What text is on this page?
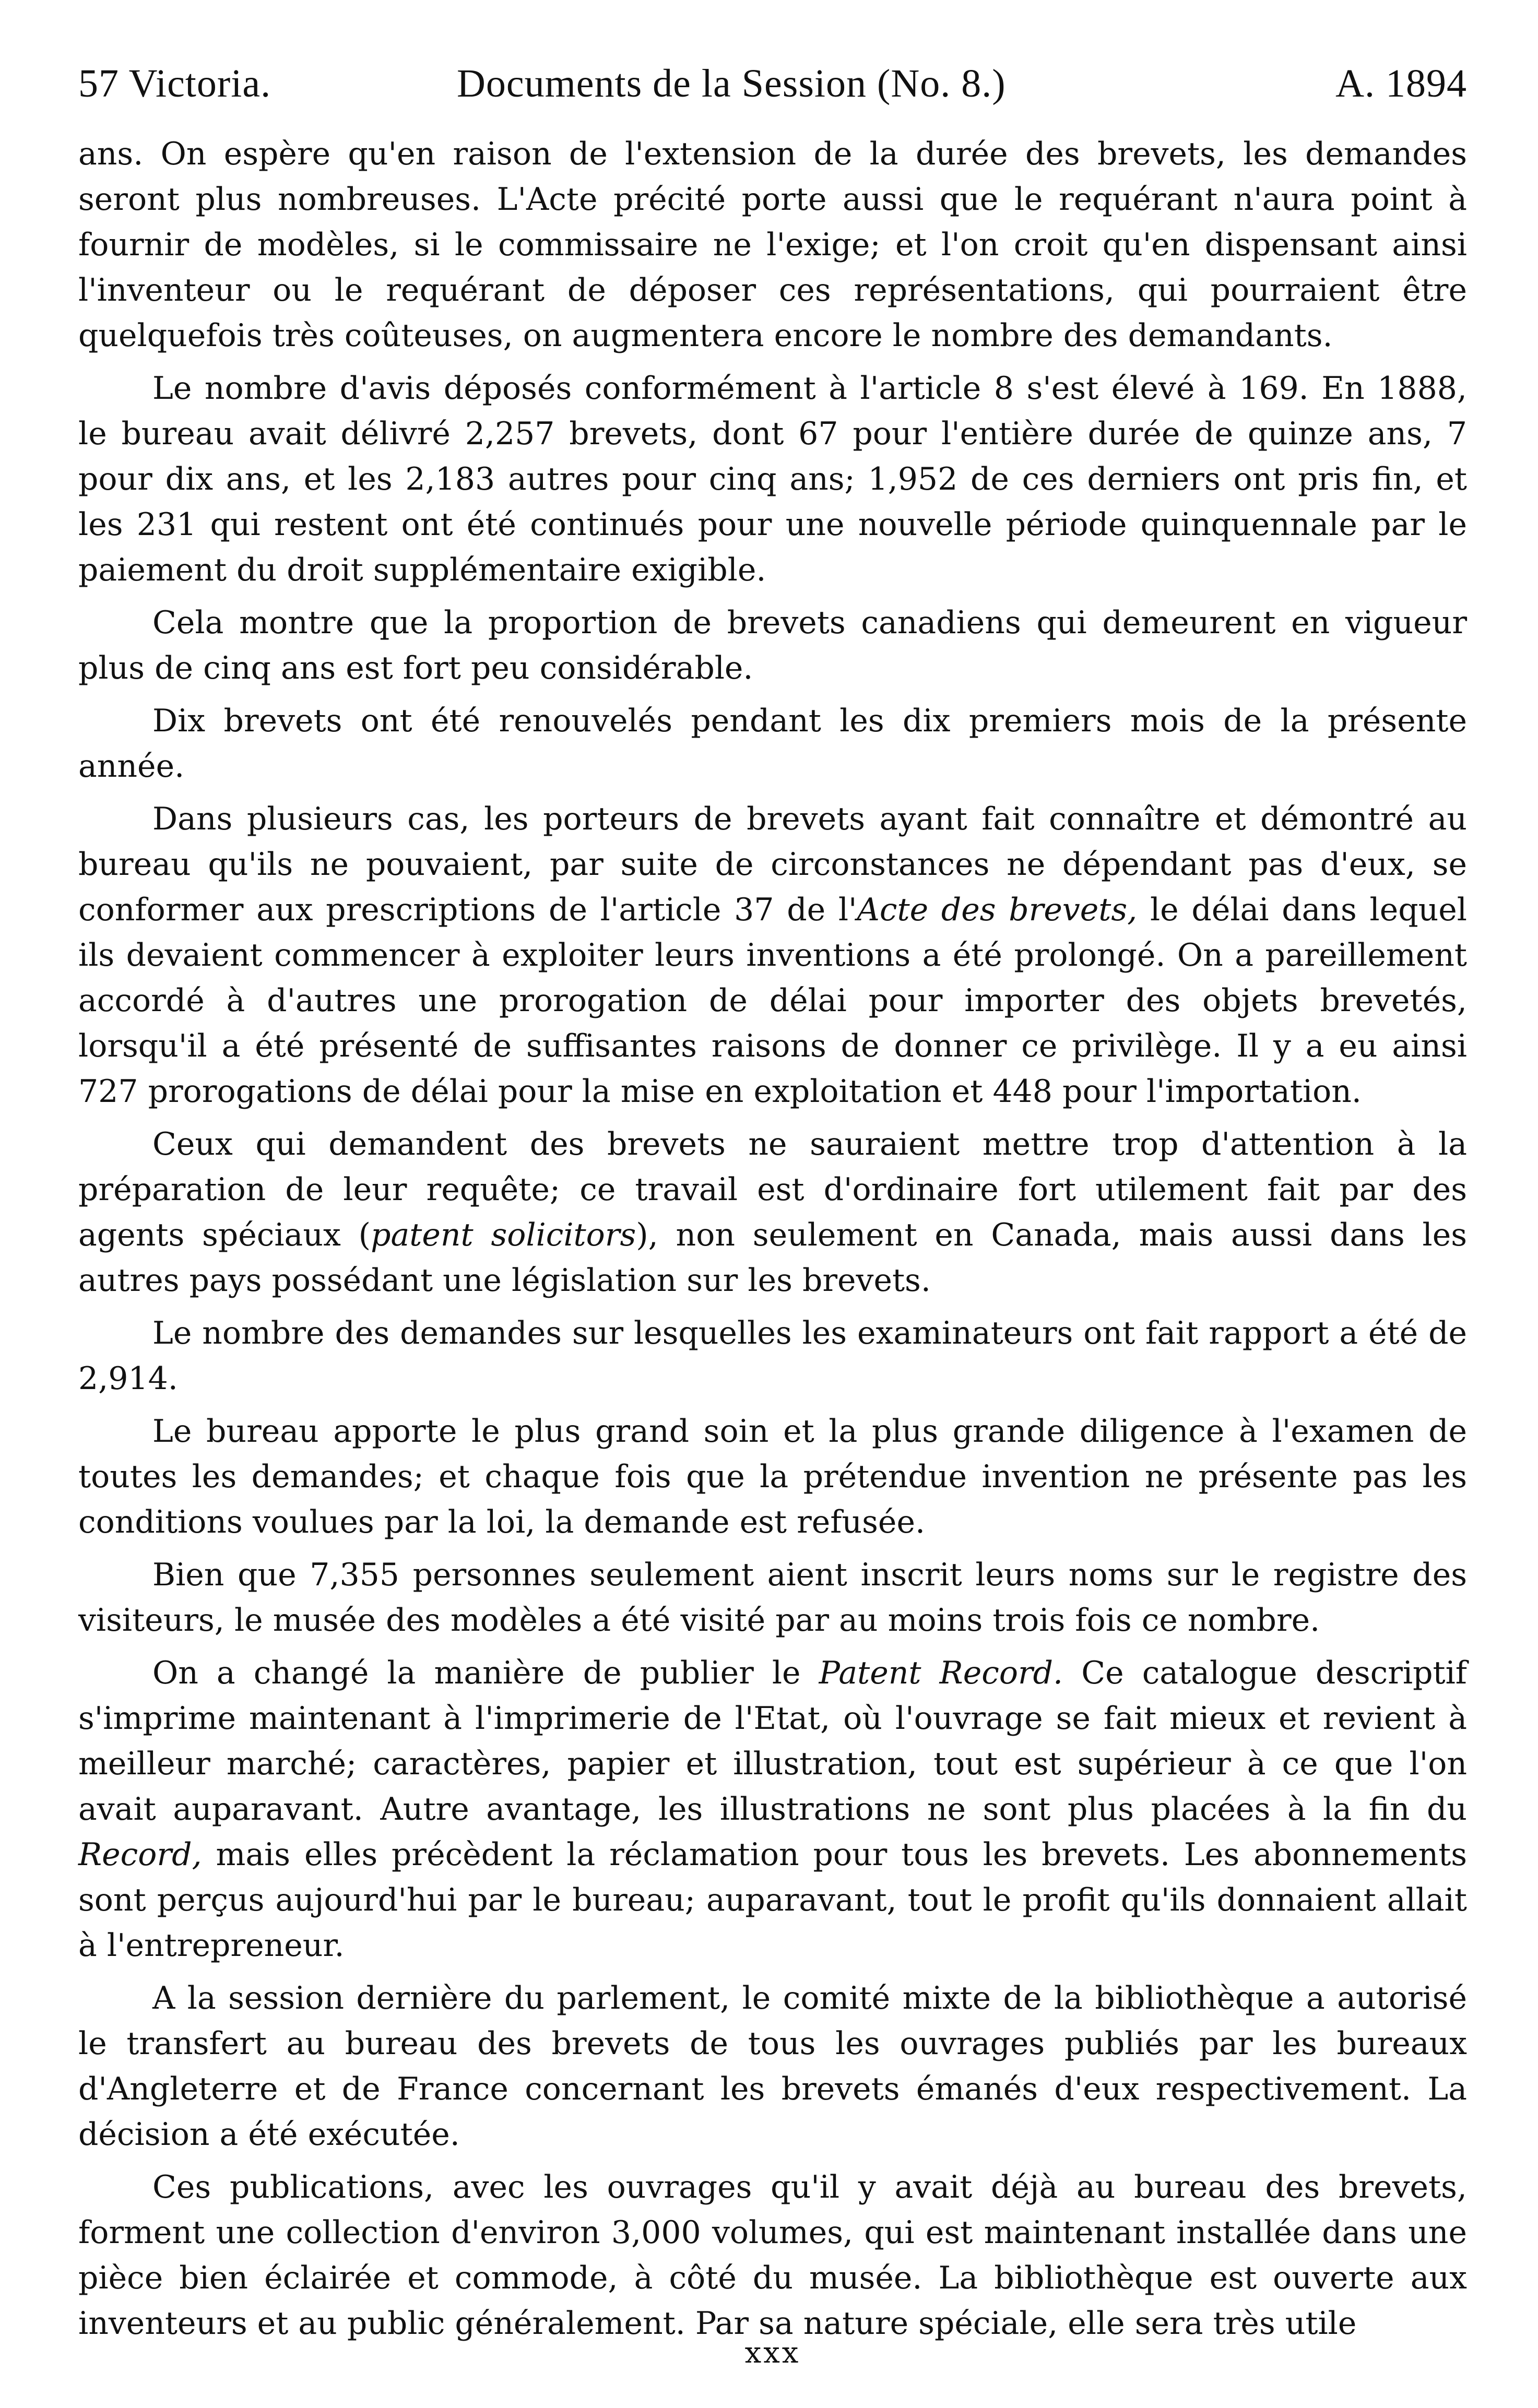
57 Victoria.	Documents de la Session (No. 8.)	A. 1894

ans. On espère qu'en raison de l'extension de la durée des brevets, les demandes seront plus nombreuses. L'Acte précité porte aussi que le requérant n'aura point à fournir de modèles, si le commissaire ne l'exige; et l'on croit qu'en dispensant ainsi l'inventeur ou le requérant de déposer ces représentations, qui pourraient être quelquefois très coûteuses, on augmentera encore le nombre des demandants.

Le nombre d'avis déposés conformément à l'article 8 s'est élevé à 169. En 1888, le bureau avait délivré 2,257 brevets, dont 67 pour l'entière durée de quinze ans, 7 pour dix ans, et les 2,183 autres pour cinq ans; 1,952 de ces derniers ont pris fin, et les 231 qui restent ont été continués pour une nouvelle période quinquennale par le paiement du droit supplémentaire exigible.

Cela montre que la proportion de brevets canadiens qui demeurent en vigueur plus de cinq ans est fort peu considérable.

Dix brevets ont été renouvelés pendant les dix premiers mois de la présente année.

Dans plusieurs cas, les porteurs de brevets ayant fait connaître et démontré au bureau qu'ils ne pouvaient, par suite de circonstances ne dépendant pas d'eux, se conformer aux prescriptions de l'article 37 de l'Acte des brevets, le délai dans lequel ils devaient commencer à exploiter leurs inventions a été prolongé. On a pareillement accordé à d'autres une prorogation de délai pour importer des objets brevetés, lorsqu'il a été présenté de suffisantes raisons de donner ce privilège. Il y a eu ainsi 727 prorogations de délai pour la mise en exploitation et 448 pour l'importation.

Ceux qui demandent des brevets ne sauraient mettre trop d'attention à la préparation de leur requête; ce travail est d'ordinaire fort utilement fait par des agents spéciaux (patent solicitors), non seulement en Canada, mais aussi dans les autres pays possédant une législation sur les brevets.

Le nombre des demandes sur lesquelles les examinateurs ont fait rapport a été de 2,914.

Le bureau apporte le plus grand soin et la plus grande diligence à l'examen de toutes les demandes; et chaque fois que la prétendue invention ne présente pas les conditions voulues par la loi, la demande est refusée.

Bien que 7,355 personnes seulement aient inscrit leurs noms sur le registre des visiteurs, le musée des modèles a été visité par au moins trois fois ce nombre.

On a changé la manière de publier le Patent Record. Ce catalogue descriptif s'imprime maintenant à l'imprimerie de l'Etat, où l'ouvrage se fait mieux et revient à meilleur marché; caractères, papier et illustration, tout est supérieur à ce que l'on avait auparavant. Autre avantage, les illustrations ne sont plus placées à la fin du Record, mais elles précèdent la réclamation pour tous les brevets. Les abonnements sont perçus aujourd'hui par le bureau; auparavant, tout le profit qu'ils donnaient allait à l'entrepreneur.

A la session dernière du parlement, le comité mixte de la bibliothèque a autorisé le transfert au bureau des brevets de tous les ouvrages publiés par les bureaux d'Angleterre et de France concernant les brevets émanés d'eux respectivement. La décision a été exécutée.

Ces publications, avec les ouvrages qu'il y avait déjà au bureau des brevets, forment une collection d'environ 3,000 volumes, qui est maintenant installée dans une pièce bien éclairée et commode, à côté du musée. La bibliothèque est ouverte aux inventeurs et au public généralement. Par sa nature spéciale, elle sera très utile

xxx
